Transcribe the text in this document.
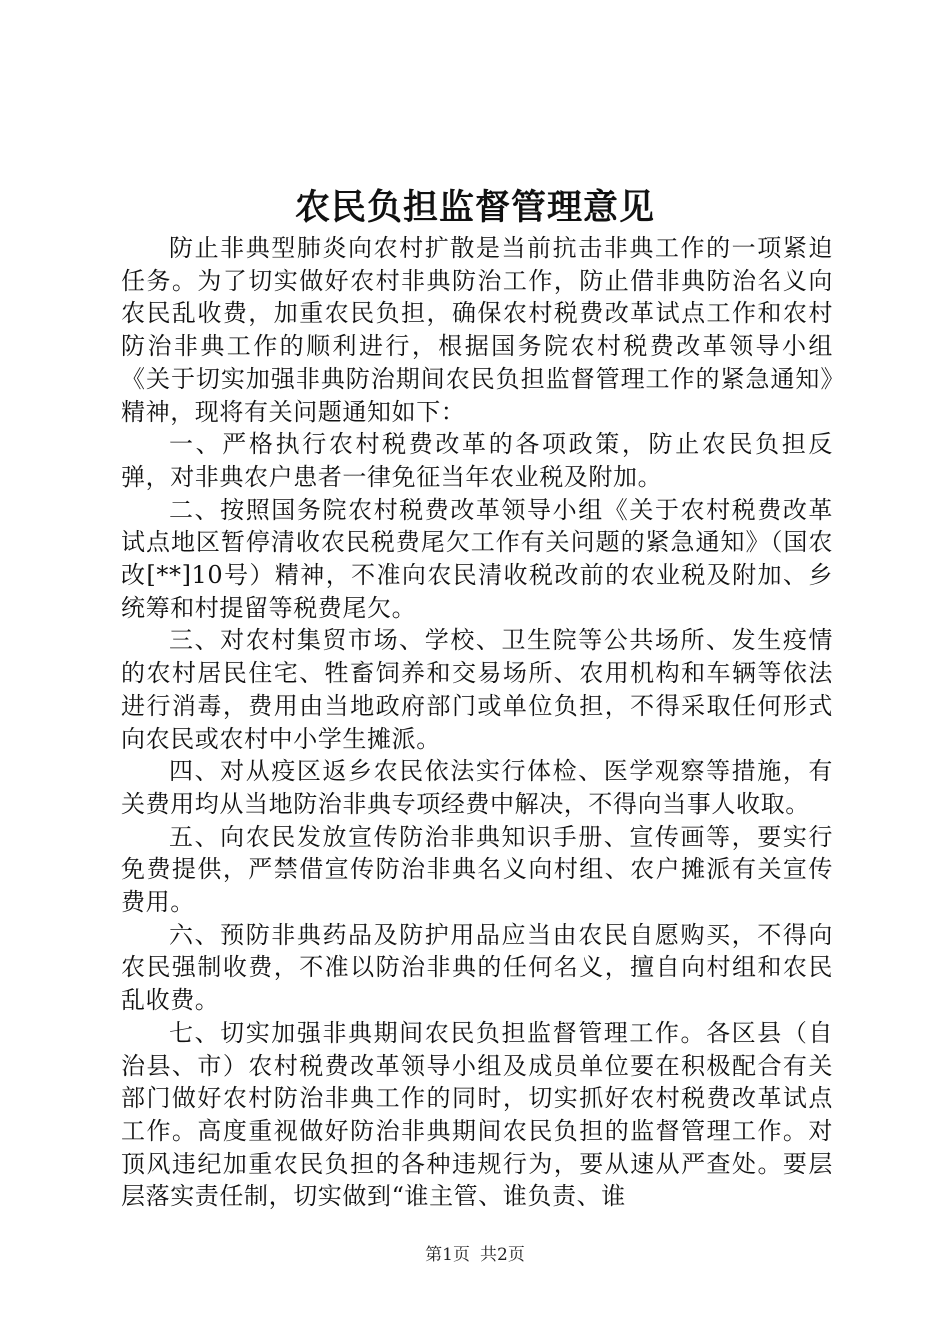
农民负担监督管理意见

防止非典型肺炎向农村扩散是当前抗击非典工作的一项紧迫任务。为了切实做好农村非典防治工作，防止借非典防治名义向农民乱收费，加重农民负担，确保农村税费改革试点工作和农村防治非典工作的顺利进行，根据国务院农村税费改革领导小组《关于切实加强非典防治期间农民负担监督管理工作的紧急通知》精神，现将有关问题通知如下：

一、严格执行农村税费改革的各项政策，防止农民负担反弹，对非典农户患者一律免征当年农业税及附加。

二、按照国务院农村税费改革领导小组《关于农村税费改革试点地区暂停清收农民税费尾欠工作有关问题的紧急通知》（国农改[**]10号）精神，不准向农民清收税改前的农业税及附加、乡统筹和村提留等税费尾欠。

三、对农村集贸市场、学校、卫生院等公共场所、发生疫情的农村居民住宅、牲畜饲养和交易场所、农用机构和车辆等依法进行消毒，费用由当地政府部门或单位负担，不得采取任何形式向农民或农村中小学生摊派。

四、对从疫区返乡农民依法实行体检、医学观察等措施，有关费用均从当地防治非典专项经费中解决，不得向当事人收取。

五、向农民发放宣传防治非典知识手册、宣传画等，要实行免费提供，严禁借宣传防治非典名义向村组、农户摊派有关宣传费用。

六、预防非典药品及防护用品应当由农民自愿购买，不得向农民强制收费，不准以防治非典的任何名义，擅自向村组和农民乱收费。

七、切实加强非典期间农民负担监督管理工作。各区县（自治县、市）农村税费改革领导小组及成员单位要在积极配合有关部门做好农村防治非典工作的同时，切实抓好农村税费改革试点工作。高度重视做好防治非典期间农民负担的监督管理工作。对顶风违纪加重农民负担的各种违规行为，要从速从严查处。要层层落实责任制，切实做到“谁主管、谁负责、谁

第1页 共2页
